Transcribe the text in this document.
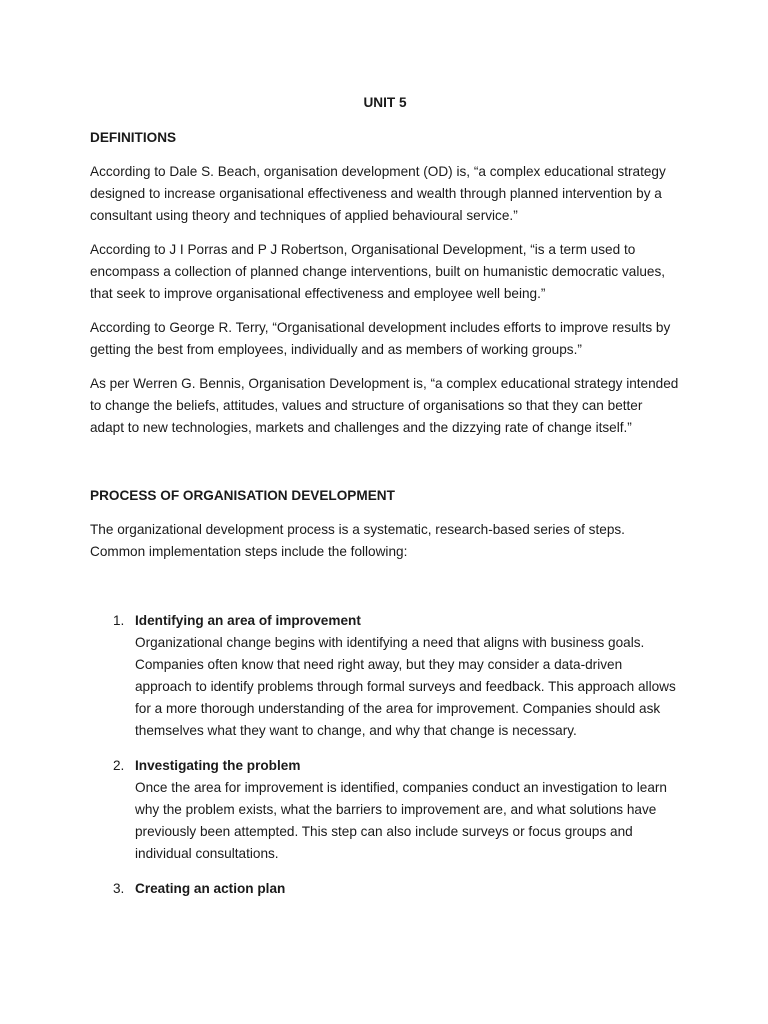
UNIT 5

DEFINITIONS

According to Dale S. Beach, organisation development (OD) is, “a complex educational strategy designed to increase organisational effectiveness and wealth through planned intervention by a consultant using theory and techniques of applied behavioural service.”

According to J I Porras and P J Robertson, Organisational Development, “is a term used to encompass a collection of planned change interventions, built on humanistic democratic values, that seek to improve organisational effectiveness and employee well being.”

According to George R. Terry, “Organisational development includes efforts to improve results by getting the best from employees, individually and as members of working groups.”

As per Werren G. Bennis, Organisation Development is, “a complex educational strategy intended to change the beliefs, attitudes, values and structure of organisations so that they can better adapt to new technologies, markets and challenges and the dizzying rate of change itself.”

PROCESS OF ORGANISATION DEVELOPMENT

The organizational development process is a systematic, research-based series of steps. Common implementation steps include the following:

1. Identifying an area of improvement
Organizational change begins with identifying a need that aligns with business goals. Companies often know that need right away, but they may consider a data-driven approach to identify problems through formal surveys and feedback. This approach allows for a more thorough understanding of the area for improvement. Companies should ask themselves what they want to change, and why that change is necessary.
2. Investigating the problem
Once the area for improvement is identified, companies conduct an investigation to learn why the problem exists, what the barriers to improvement are, and what solutions have previously been attempted. This step can also include surveys or focus groups and individual consultations.
3. Creating an action plan
